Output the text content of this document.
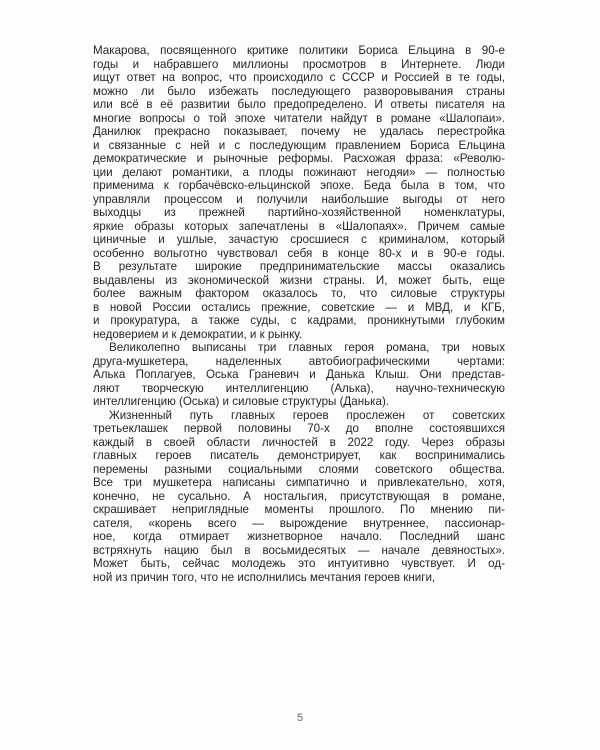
Макарова, посвященного критике политики Бориса Ельцина в 90-е
годы и набравшего миллионы просмотров в Интернете. Люди
ищут ответ на вопрос, что происходило с СССР и Россией в те годы,
можно ли было избежать последующего разворовывания страны
или всё в её развитии было предопределено. И ответы писателя на
многие вопросы о той эпохе читатели найдут в романе «Шалопаи».
Данилюк прекрасно показывает, почему не удалась перестройка
и связанные с ней и с последующим правлением Бориса Ельцина
демократические и рыночные реформы. Расхожая фраза: «Револю-
ции делают романтики, а плоды пожинают негодяи» — полностью
применима к горбачёвско-ельцинской эпохе. Беда была в том, что
управляли процессом и получили наибольшие выгоды от него
выходцы из прежней партийно-хозяйственной номенклатуры,
яркие образы которых запечатлены в «Шалопаях». Причем самые
циничные и ушлые, зачастую сросшиеся с криминалом, который
особенно вольготно чувствовал себя в конце 80-х и в 90-е годы.
В результате широкие предпринимательские массы оказались
выдавлены из экономической жизни страны. И, может быть, еще
более важным фактором оказалось то, что силовые структуры
в новой России остались прежние, советские — и МВД, и КГБ,
и прокуратура, а также суды, с кадрами, проникнутыми глубоким
недоверием и к демократии, и к рынку.
Великолепно выписаны три главных героя романа, три новых
друга-мушкетера, наделенных автобиографическими чертами:
Алька Поплагуев, Оська Граневич и Данька Клыш. Они представ-
ляют творческую интеллигенцию (Алька), научно-техническую
интеллигенцию (Оська) и силовые структуры (Данька).
Жизненный путь главных героев прослежен от советских
третьеклашек первой половины 70-х до вполне состоявшихся
каждый в своей области личностей в 2022 году. Через образы
главных героев писатель демонстрирует, как воспринимались
перемены разными социальными слоями советского общества.
Все три мушкетера написаны симпатично и привлекательно, хотя,
конечно, не сусально. А ностальгия, присутствующая в романе,
скрашивает неприглядные моменты прошлого. По мнению пи-
сателя, «корень всего — вырождение внутреннее, пассионар-
ное, когда отмирает жизнетворное начало. Последний шанс
встряхнуть нацию был в восьмидесятых — начале девяностых».
Может быть, сейчас молодежь это интуитивно чувствует. И од-
ной из причин того, что не исполнились мечтания героев книги,
5
